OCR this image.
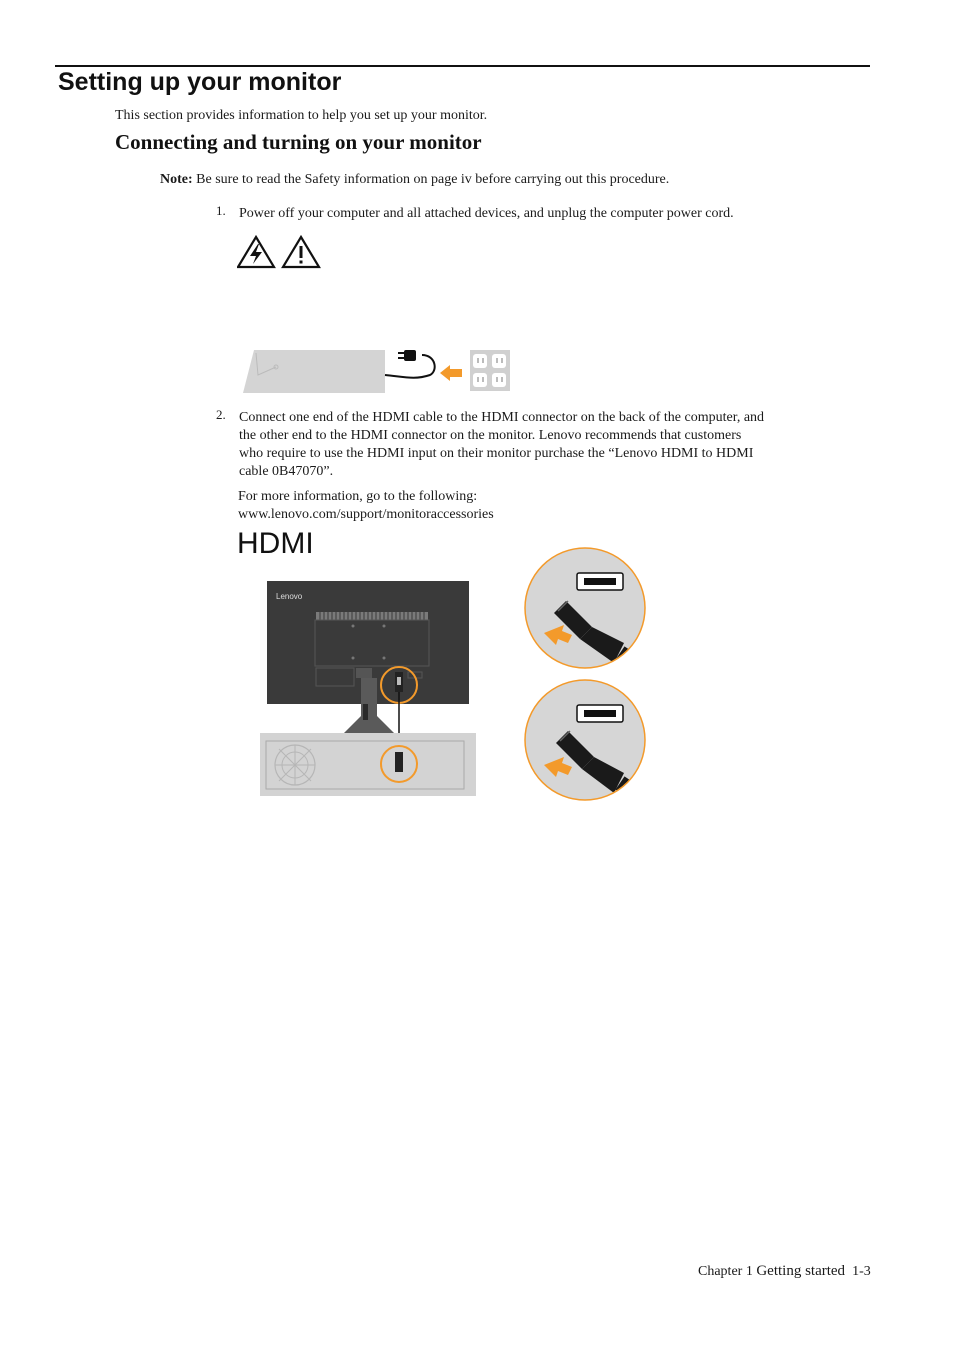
Setting up your monitor
This section provides information to help you set up your monitor.
Connecting and turning on your monitor
Note: Be sure to read the Safety information on page iv before carrying out this procedure.
1. Power off your computer and all attached devices, and unplug the computer power cord.
2. Connect one end of the HDMI cable to the HDMI connector on the back of the computer, and
the other end to the HDMI connector on the monitor. Lenovo recommends that customers
who require to use the HDMI input on their monitor purchase the “Lenovo HDMI to HDMI
cable 0B47070”.
For more information, go to the following:
www.lenovo.com/support/monitoraccessories
HDMI
Lenovo
Chapter 1 Getting started  1-3
